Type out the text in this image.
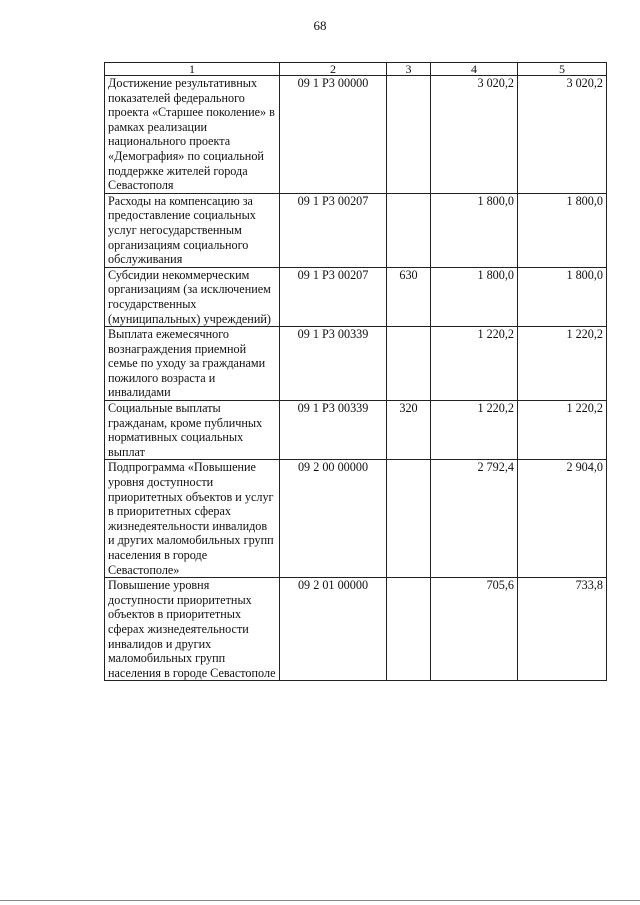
68
1	2	3	4	5
Достижение результативных показателей федерального проекта «Старшее поколение» в рамках реализации национального проекта «Демография» по социальной поддержке жителей города Севастополя	09 1 P3 00000		3 020,2	3 020,2
Расходы на компенсацию за предоставление социальных услуг негосударственным организациям социального обслуживания	09 1 P3 00207		1 800,0	1 800,0
Субсидии некоммерческим организациям (за исключением государственных (муниципальных) учреждений)	09 1 P3 00207	630	1 800,0	1 800,0
Выплата ежемесячного вознаграждения приемной семье по уходу за гражданами пожилого возраста и инвалидами	09 1 P3 00339		1 220,2	1 220,2
Социальные выплаты гражданам, кроме публичных нормативных социальных выплат	09 1 P3 00339	320	1 220,2	1 220,2
Подпрограмма «Повышение уровня доступности приоритетных объектов и услуг в приоритетных сферах жизнедеятельности инвалидов и других маломобильных групп населения в городе Севастополе»	09 2 00 00000		2 792,4	2 904,0
Повышение уровня доступности приоритетных объектов в приоритетных сферах жизнедеятельности инвалидов и других маломобильных групп населения в городе Севастополе	09 2 01 00000		705,6	733,8
